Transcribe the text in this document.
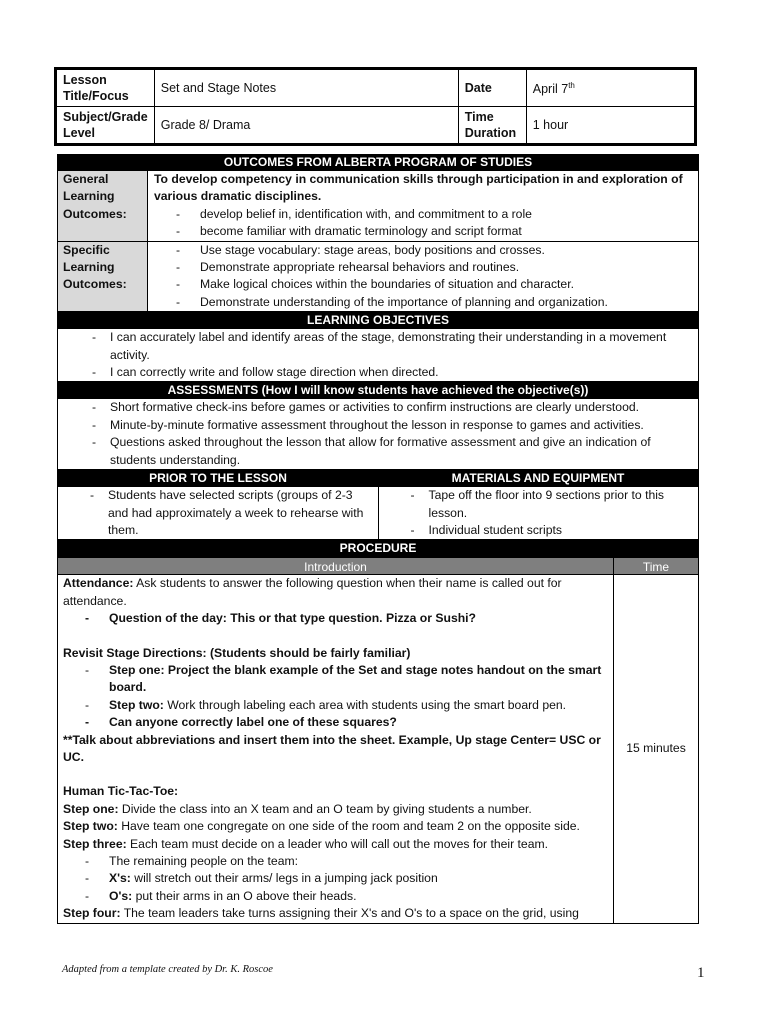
Lesson Title/Focus	Set and Stage Notes	Date	April 7th
Subject/Grade Level	Grade 8/ Drama	Time Duration	1 hour
OUTCOMES FROM ALBERTA PROGRAM OF STUDIES
General Learning Outcomes:
To develop competency in communication skills through participation in and exploration of various dramatic disciplines.
- develop belief in, identification with, and commitment to a role
- become familiar with dramatic terminology and script format
Specific Learning Outcomes:
- Use stage vocabulary: stage areas, body positions and crosses.
- Demonstrate appropriate rehearsal behaviors and routines.
- Make logical choices within the boundaries of situation and character.
- Demonstrate understanding of the importance of planning and organization.
LEARNING OBJECTIVES
- I can accurately label and identify areas of the stage, demonstrating their understanding in a movement activity.
- I can correctly write and follow stage direction when directed.
ASSESSMENTS (How I will know students have achieved the objective(s))
- Short formative check-ins before games or activities to confirm instructions are clearly understood.
- Minute-by-minute formative assessment throughout the lesson in response to games and activities.
- Questions asked throughout the lesson that allow for formative assessment and give an indication of students understanding.
PRIOR TO THE LESSON	MATERIALS AND EQUIPMENT
- Students have selected scripts (groups of 2-3 and had approximately a week to rehearse with them.
- Tape off the floor into 9 sections prior to this lesson.
- Individual student scripts
PROCEDURE
Introduction	Time
Attendance: Ask students to answer the following question when their name is called out for attendance.
- Question of the day: This or that type question. Pizza or Sushi?
Revisit Stage Directions: (Students should be fairly familiar)
- Step one: Project the blank example of the Set and stage notes handout on the smart board.
- Step two: Work through labeling each area with students using the smart board pen.
- Can anyone correctly label one of these squares?
**Talk about abbreviations and insert them into the sheet. Example, Up stage Center= USC or UC.
Human Tic-Tac-Toe:
Step one: Divide the class into an X team and an O team by giving students a number.
Step two: Have team one congregate on one side of the room and team 2 on the opposite side.
Step three: Each team must decide on a leader who will call out the moves for their team.
- The remaining people on the team:
- X's: will stretch out their arms/ legs in a jumping jack position
- O's: put their arms in an O above their heads.
Step four: The team leaders take turns assigning their X's and O's to a space on the grid, using
15 minutes
Adapted from a template created by Dr. K. Roscoe	1
